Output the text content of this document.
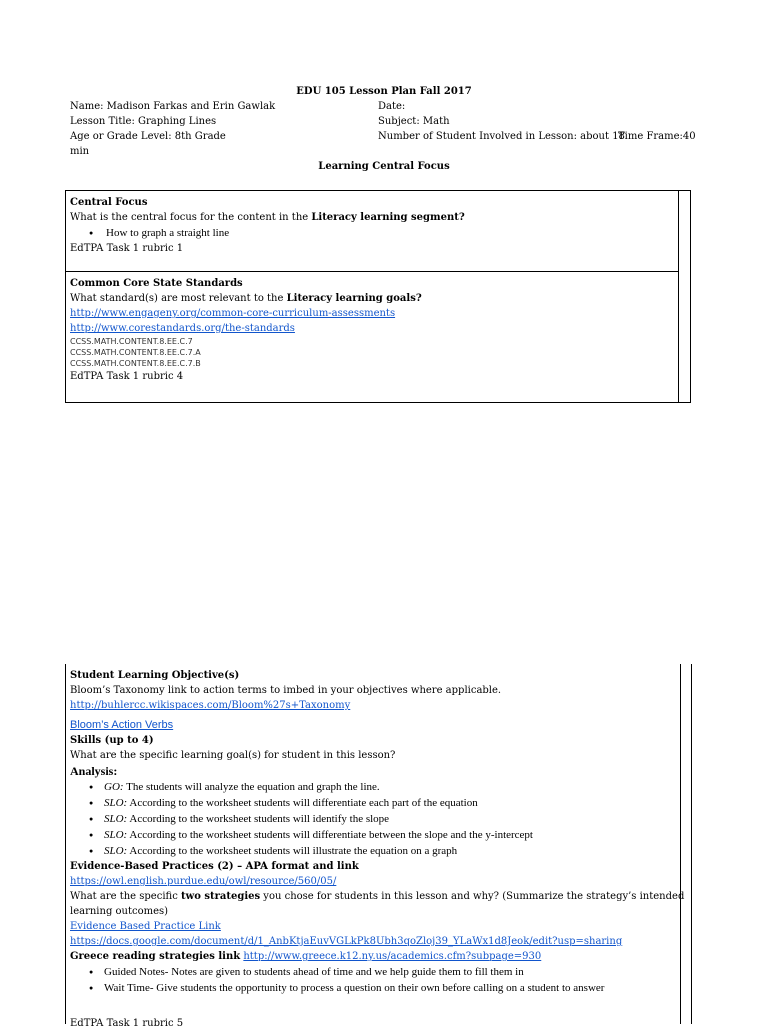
EDU 105 Lesson Plan Fall 2017
Name: Madison Farkas and Erin Gawlak	Date:
Lesson Title: Graphing Lines	Subject: Math
Age or Grade Level: 8th Grade	Number of Student Involved in Lesson: about 18
Time Frame:40
min
Learning Central Focus
Central Focus
What is the central focus for the content in the Literacy learning segment?
● How to graph a straight line
EdTPA Task 1 rubric 1
Common Core State Standards
What standard(s) are most relevant to the Literacy learning goals?
http://www.engageny.org/common-core-curriculum-assessments
http://www.corestandards.org/the-standards
CCSS.MATH.CONTENT.8.EE.C.7
CCSS.MATH.CONTENT.8.EE.C.7.A
CCSS.MATH.CONTENT.8.EE.C.7.B
EdTPA Task 1 rubric 4
Student Learning Objective(s)
Bloom’s Taxonomy link to action terms to imbed in your objectives where applicable.
http://buhlercc.wikispaces.com/Bloom%27s+Taxonomy
Bloom’s Action Verbs
Skills (up to 4)
What are the specific learning goal(s) for student in this lesson?
Analysis:
● GO: The students will analyze the equation and graph the line.
● SLO: According to the worksheet students will differentiate each part of the equation
● SLO: According to the worksheet students will identify the slope
● SLO: According to the worksheet students will differentiate between the slope and the y-intercept
● SLO: According to the worksheet students will illustrate the equation on a graph
Evidence-Based Practices (2) – APA format and link
https://owl.english.purdue.edu/owl/resource/560/05/
What are the specific two strategies you chose for students in this lesson and why? (Summarize the strategy’s intended
learning outcomes)
Evidence Based Practice Link
https://docs.google.com/document/d/1_AnbKtjaEuvVGLkPk8Ubh3qoZloj39_YLaWx1d8Jeok/edit?usp=sharing
Greece reading strategies link http://www.greece.k12.ny.us/academics.cfm?subpage=930
● Guided Notes- Notes are given to students ahead of time and we help guide them to fill them in
● Wait Time- Give students the opportunity to process a question on their own before calling on a student to answer
EdTPA Task 1 rubric 5
